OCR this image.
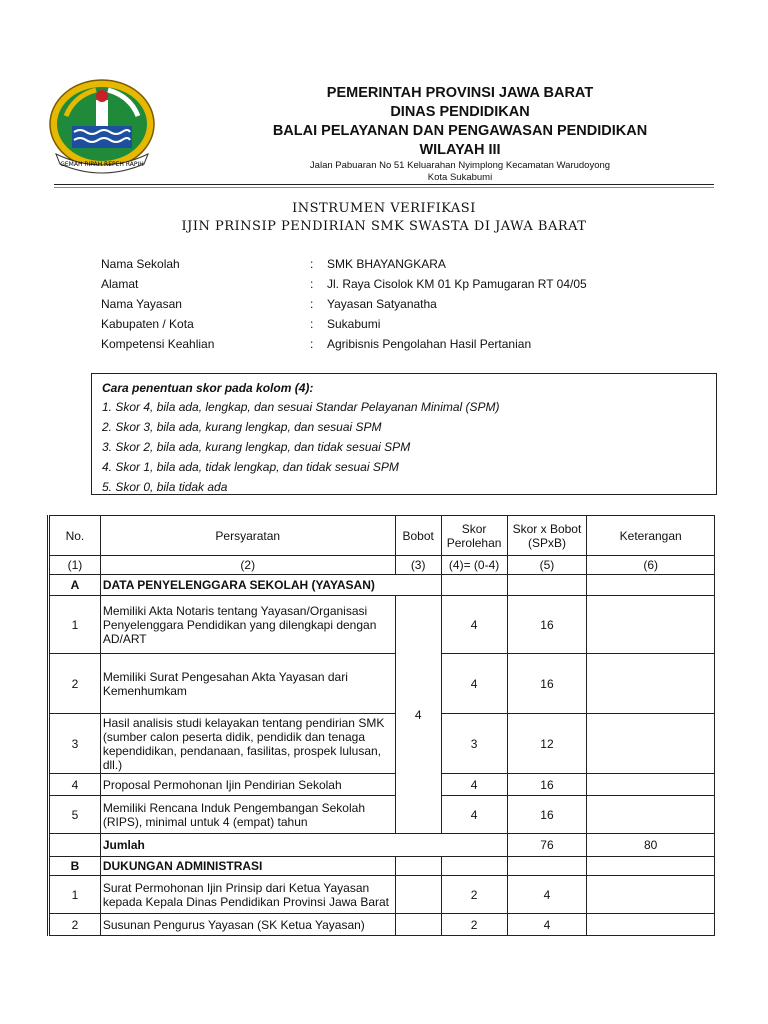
GEMAH RIPAH REPEH RAPIH
PEMERINTAH PROVINSI JAWA BARAT
DINAS PENDIDIKAN
BALAI PELAYANAN DAN PENGAWASAN PENDIDIKAN
WILAYAH III
Jalan Pabuaran No 51 Keluarahan Nyimplong Kecamatan Warudoyong
Kota Sukabumi
INSTRUMEN VERIFIKASI
IJIN PRINSIP PENDIRIAN SMK SWASTA DI JAWA BARAT
Nama Sekolah	: SMK BHAYANGKARA
Alamat	: Jl. Raya Cisolok KM 01 Kp Pamugaran RT 04/05
Nama Yayasan	: Yayasan Satyanatha
Kabupaten / Kota	: Sukabumi
Kompetensi Keahlian	: Agribisnis Pengolahan Hasil Pertanian
Cara penentuan skor pada kolom (4):
1. Skor 4, bila ada, lengkap, dan sesuai Standar Pelayanan Minimal (SPM)
2. Skor 3, bila ada, kurang lengkap, dan sesuai SPM
3. Skor 2, bila ada, kurang lengkap, dan tidak sesuai SPM
4. Skor 1, bila ada, tidak lengkap, dan tidak sesuai SPM
5. Skor 0, bila tidak ada
No.	Persyaratan	Bobot	Skor Perolehan	Skor x Bobot (SPxB)	Keterangan
(1)	(2)	(3)	(4)= (0-4)	(5)	(6)
A	DATA PENYELENGGARA SEKOLAH (YAYASAN)				
1	Memiliki Akta Notaris tentang Yayasan/Organisasi Penyelenggara Pendidikan yang dilengkapi dengan AD/ART	4	4	16	
2	Memiliki Surat Pengesahan Akta Yayasan dari Kemenhumkam		4	16	
3	Hasil analisis studi kelayakan tentang pendirian SMK (sumber calon peserta didik, pendidik dan tenaga kependidikan, pendanaan, fasilitas, prospek lulusan, dll.)		3	12	
4	Proposal Permohonan Ijin Pendirian Sekolah		4	16	
5	Memiliki Rencana Induk Pengembangan Sekolah (RIPS), minimal untuk 4 (empat) tahun		4	16	
	Jumlah			76	80
B	DUKUNGAN ADMINISTRASI				
1	Surat Permohonan Ijin Prinsip dari Ketua Yayasan kepada Kepala Dinas Pendidikan Provinsi Jawa Barat		2	4	
2	Susunan Pengurus Yayasan (SK Ketua Yayasan)		2	4	
